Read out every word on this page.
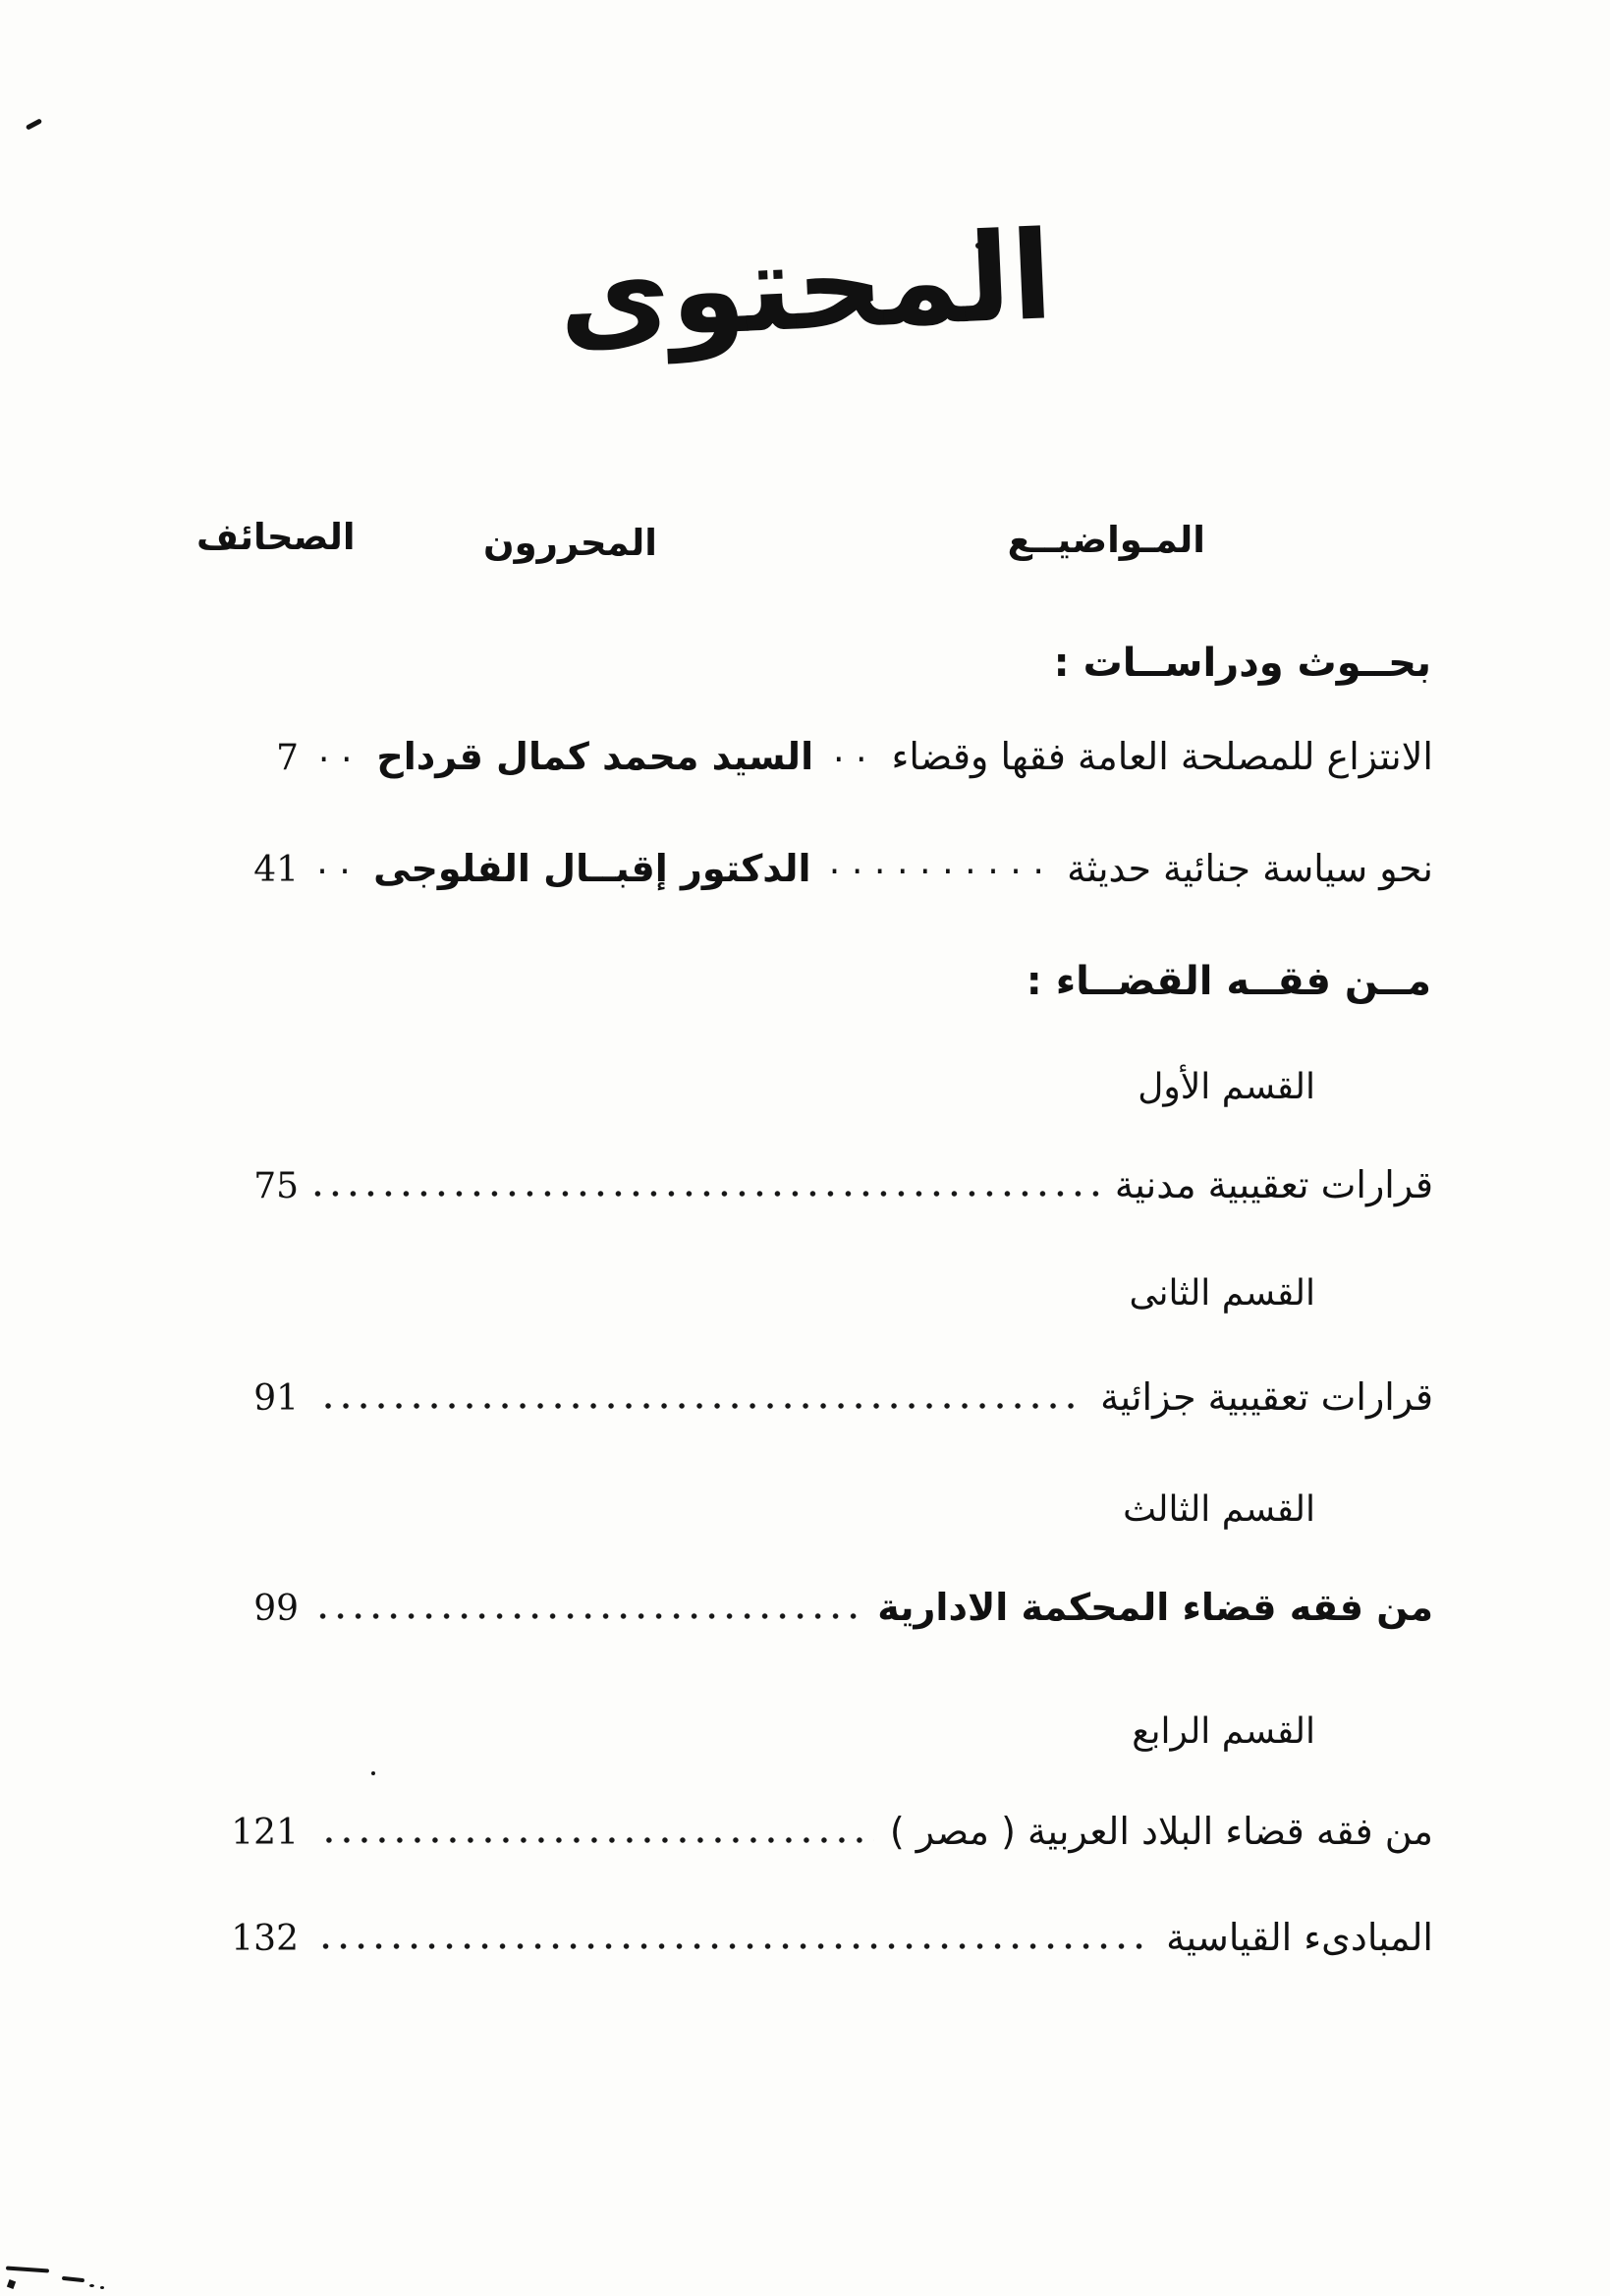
المحتوى
المـواضيــع
المحررون
الصحائف
بحــوث ودراســات :
الانتزاع للمصلحة العامة فقها وقضاء
..
السيد محمد كمال قرداح
..
7
نحو سياسة جنائية حديثة
..........
الدكتور إقبــال الفلوجى
..
41
مــن فقــه القضــاء :
القسم الأول
قرارات تعقيبية مدنية
75
القسم الثانى
قرارات تعقيبية جزائية
91
القسم الثالث
من فقه قضاء المحكمة الادارية
99
القسم الرابع
من فقه قضاء البلاد العربية ( مصر )
121
المبادىء القياسية
132
